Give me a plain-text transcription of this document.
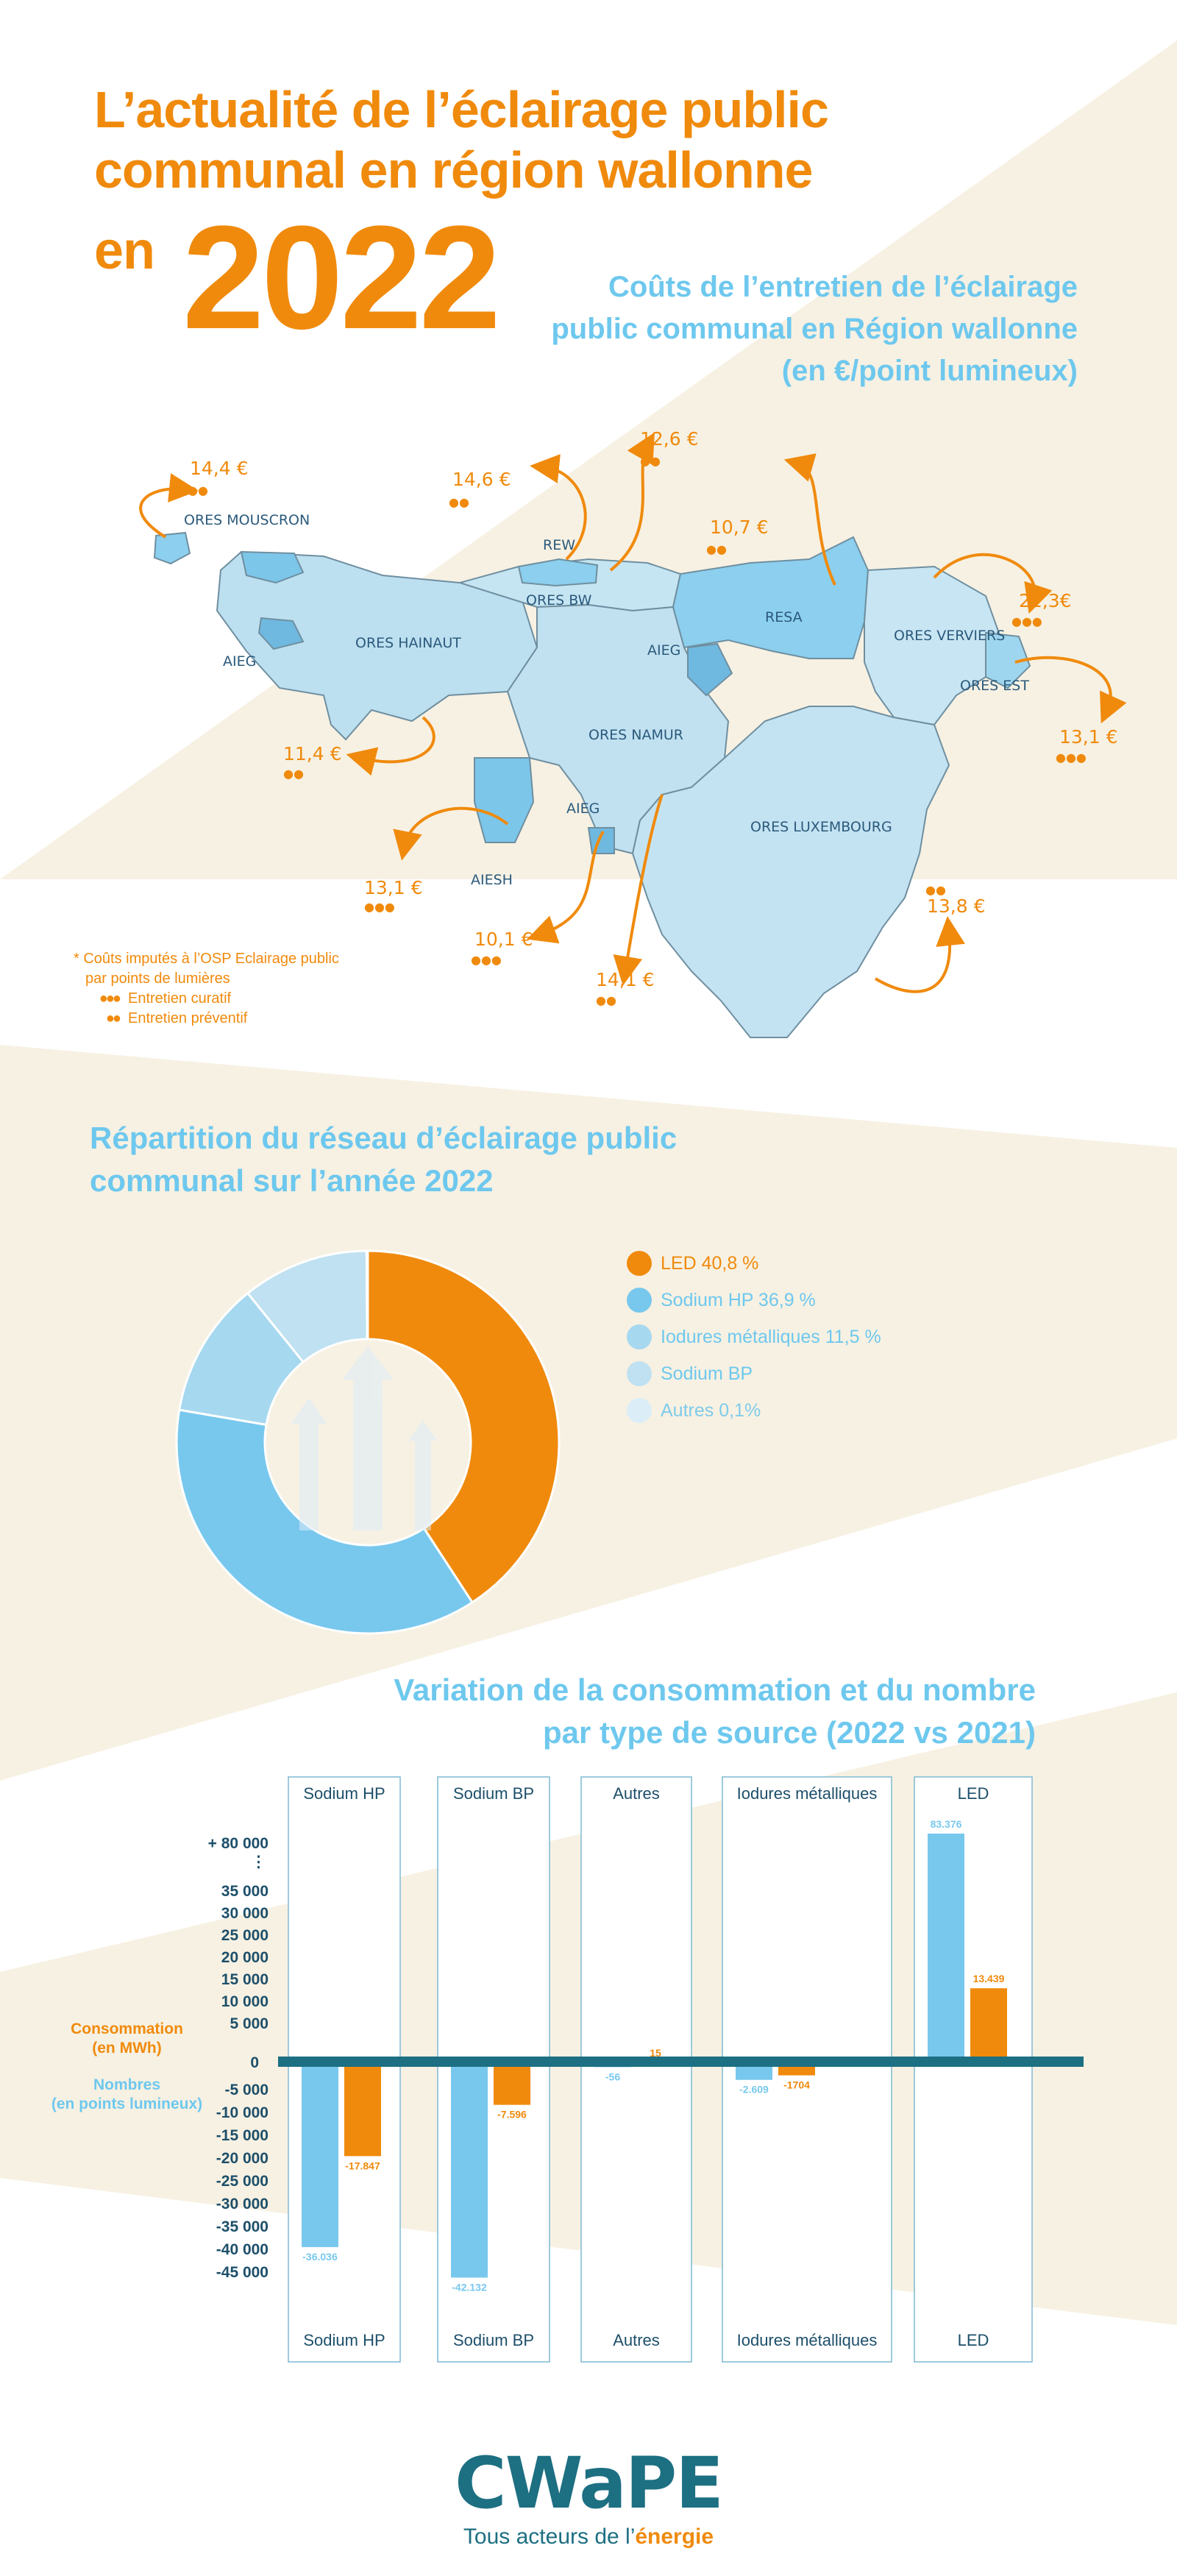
L’actualité de l’éclairage public
communal en région wallonne
en 2022	Coûts de l’entretien de l’éclairage
public communal en Région wallonne
(en €/point lumineux)
ORES MOUSCRON
REW
ORES BW
RESA
ORES VERVIERS
ORES EST
ORES HAINAUT
AIEG
ORES NAMUR
AIEG
AIESH
ORES LUXEMBOURG
AIEG
14,4 €
●●
14,6 €
●●
12,6 €
●●
10,7 €
●●
21,3€
●●●
13,1 €
●●●
11,4 €
●●
13,1 €
●●●
10,1 €
●●●
14,1 €
●●
13,8 €
●●
* Coûts imputés à l’OSP Eclairage public
par points de lumières
●●● Entretien curatif
●● Entretien préventif
Répartition du réseau d’éclairage public
communal sur l’année 2022
LED 40,8 %
Sodium HP 36,9 %
Iodures métalliques 11,5 %
Sodium BP
Autres 0,1%
Variation de la consommation et du nombre
par type de source (2022 vs 2021)
Sodium HP
Sodium HP
Sodium BP
Sodium BP
Autres
Autres
Iodures métalliques
Iodures métalliques
LED
LED
+ 80 000
35 000
30 000
25 000
20 000
15 000
10 000
5 000
⋮
0
-5 000
-10 000
-15 000
-20 000
-25 000
-30 000
-35 000
-40 000
-45 000
-36.036
-42.132
-56
-2.609
83.376
-17.847
-7.596
15
-1704
13.439
Consommation
(en MWh)
Nombres
(en points lumineux)
CWaPE
Tous acteurs de l’énergie
